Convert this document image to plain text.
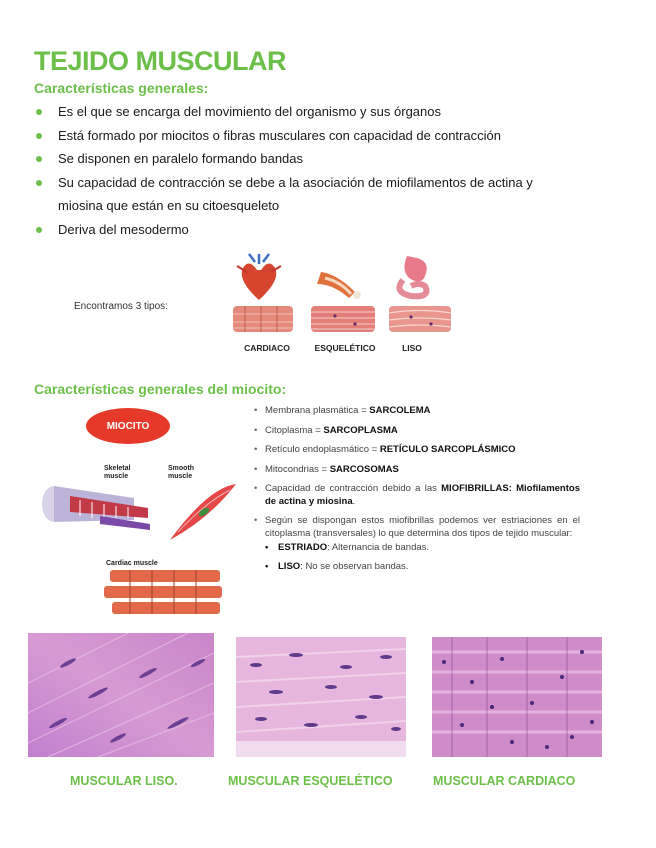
TEJIDO MUSCULAR
Características generales:
Es el que se encarga del movimiento del organismo y sus órganos
Está formado por miocitos o fibras musculares con capacidad de contracción
Se disponen en paralelo formando bandas
Su capacidad de contracción se debe a la asociación de miofilamentos de actina y
miosina que están en su citoesqueleto
Deriva del mesodermo
Encontramos 3 tipos:
CARDIACO	ESQUELÉTICO	LISO
Características generales del miocito:
MIOCITO
Skeletal
muscle
Smooth
muscle
Cardiac muscle
• Membrana plasmática = SARCOLEMA
• Citoplasma = SARCOPLASMA
• Retículo endoplasmático = RETÍCULO SARCOPLÁSMICO
• Mitocondrias = SARCOSOMAS
• Capacidad de contracción debido a las MIOFIBRILLAS: Miofilamentos de actina y miosina.
• Según se dispongan estos miofibrillas podemos ver estriaciones en el citoplasma (transversales) lo que determina dos tipos de tejido muscular:
• ESTRIADO: Alternancia de bandas.
• LISO: No se observan bandas.
MUSCULAR LISO.	MUSCULAR ESQUELÉTICO	MUSCULAR CARDIACO
